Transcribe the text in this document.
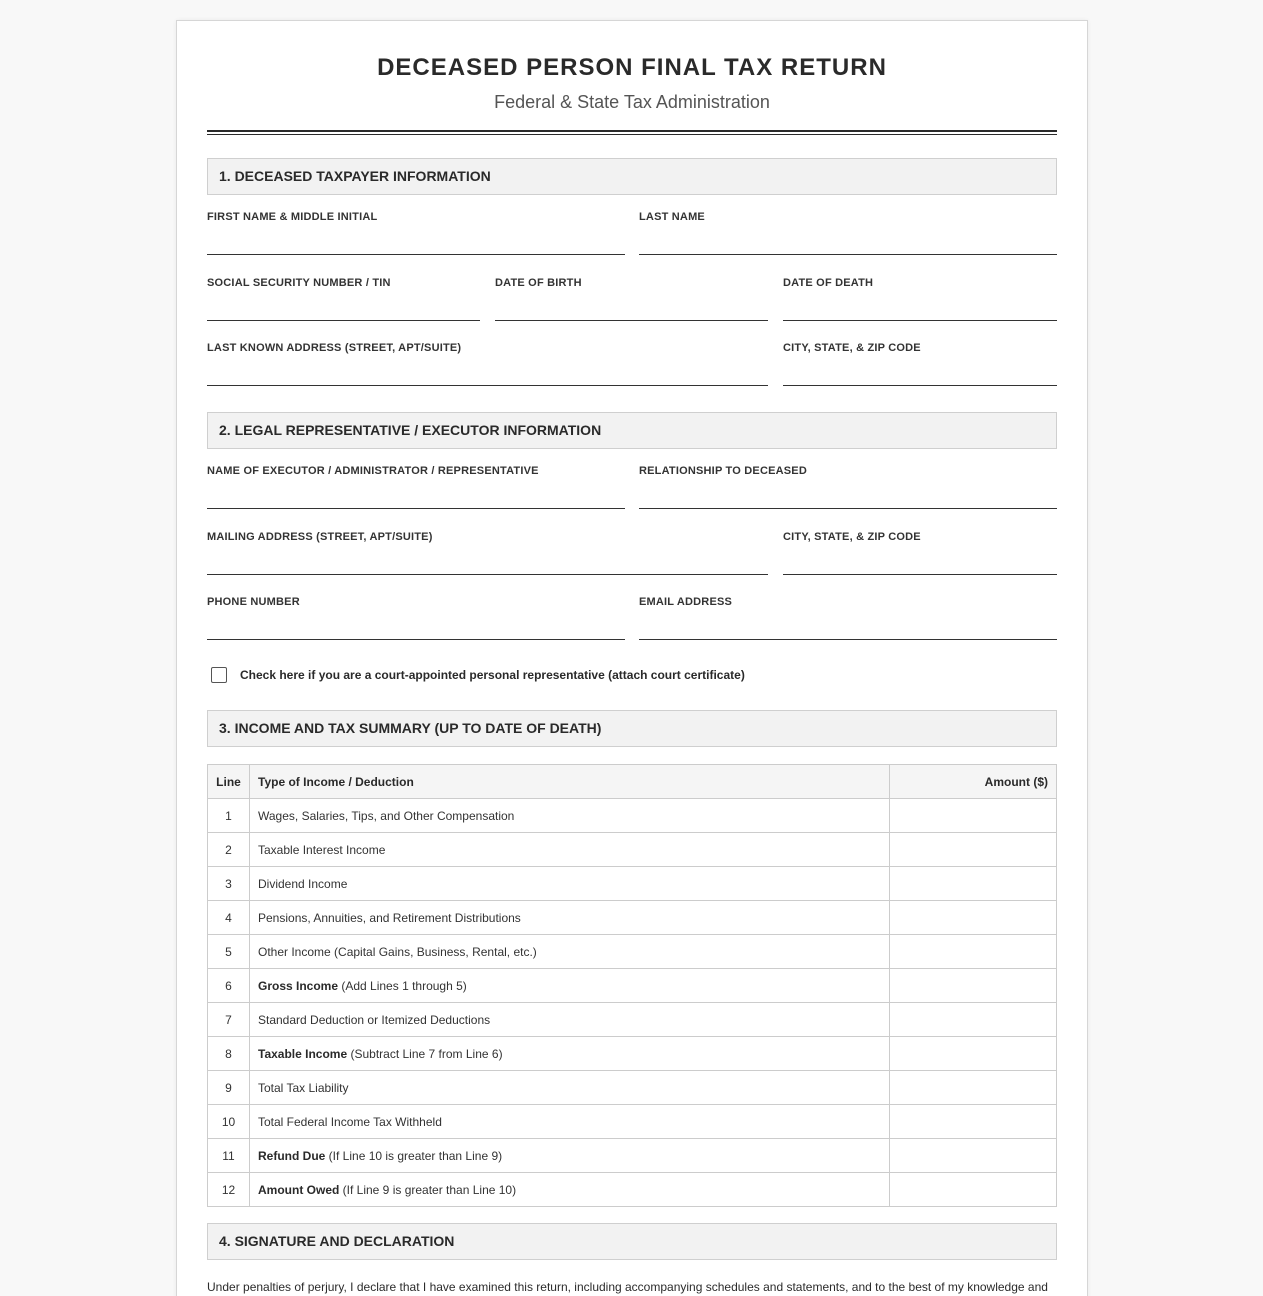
DECEASED PERSON FINAL TAX RETURN
Federal & State Tax Administration
1. DECEASED TAXPAYER INFORMATION
FIRST NAME & MIDDLE INITIAL	LAST NAME
SOCIAL SECURITY NUMBER / TIN	DATE OF BIRTH	DATE OF DEATH
LAST KNOWN ADDRESS (STREET, APT/SUITE)	CITY, STATE, & ZIP CODE
2. LEGAL REPRESENTATIVE / EXECUTOR INFORMATION
NAME OF EXECUTOR / ADMINISTRATOR / REPRESENTATIVE	RELATIONSHIP TO DECEASED
MAILING ADDRESS (STREET, APT/SUITE)	CITY, STATE, & ZIP CODE
PHONE NUMBER	EMAIL ADDRESS
Check here if you are a court-appointed personal representative (attach court certificate)
3. INCOME AND TAX SUMMARY (UP TO DATE OF DEATH)
Line	Type of Income / Deduction	Amount ($)
1	Wages, Salaries, Tips, and Other Compensation	
2	Taxable Interest Income	
3	Dividend Income	
4	Pensions, Annuities, and Retirement Distributions	
5	Other Income (Capital Gains, Business, Rental, etc.)	
6	Gross Income (Add Lines 1 through 5)	
7	Standard Deduction or Itemized Deductions	
8	Taxable Income (Subtract Line 7 from Line 6)	
9	Total Tax Liability	
10	Total Federal Income Tax Withheld	
11	Refund Due (If Line 10 is greater than Line 9)	
12	Amount Owed (If Line 9 is greater than Line 10)	
4. SIGNATURE AND DECLARATION
Under penalties of perjury, I declare that I have examined this return, including accompanying schedules and statements, and to the best of my knowledge and
